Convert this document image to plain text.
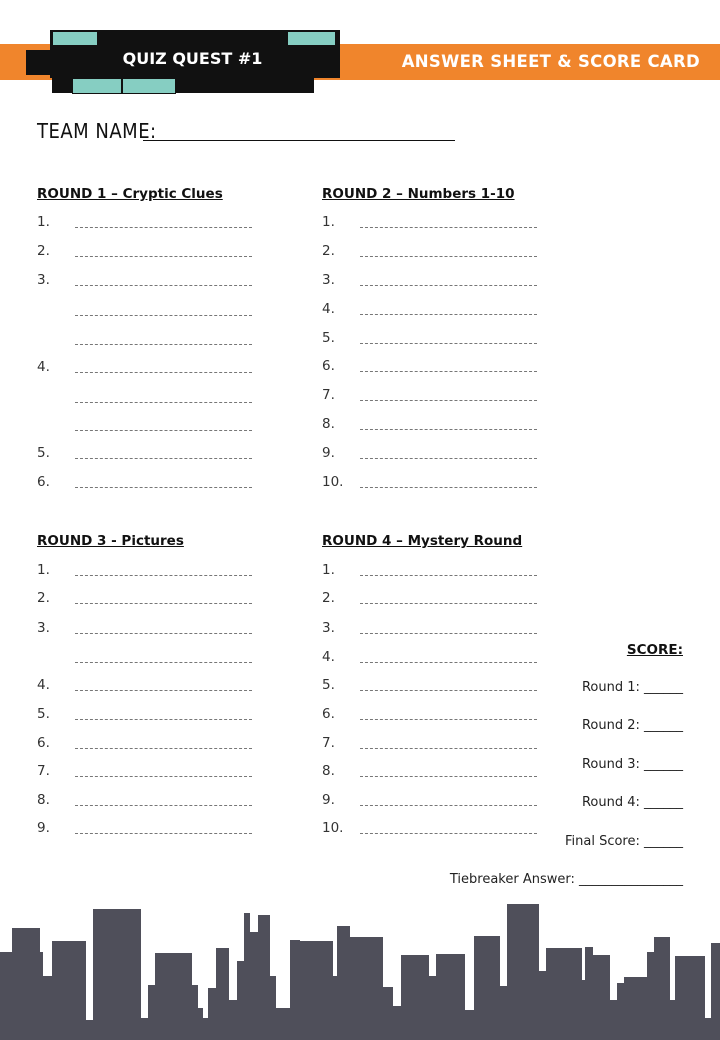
ANSWER SHEET & SCORE CARD
QUIZ QUEST #1
TEAM NAME:
ROUND 1 – Cryptic Clues
1.
2.
3.
4.
5.
6.
ROUND 2 – Numbers 1-10
1.
2.
3.
4.
5.
6.
7.
8.
9.
10.
ROUND 3 - Pictures
1.
2.
3.
4.
5.
6.
7.
8.
9.
ROUND 4 – Mystery Round
1.
2.
3.
4.
5.
6.
7.
8.
9.
10.
SCORE:
Round 1: ______
Round 2: ______
Round 3: ______
Round 4: ______
Final Score: ______
Tiebreaker Answer: ________________
